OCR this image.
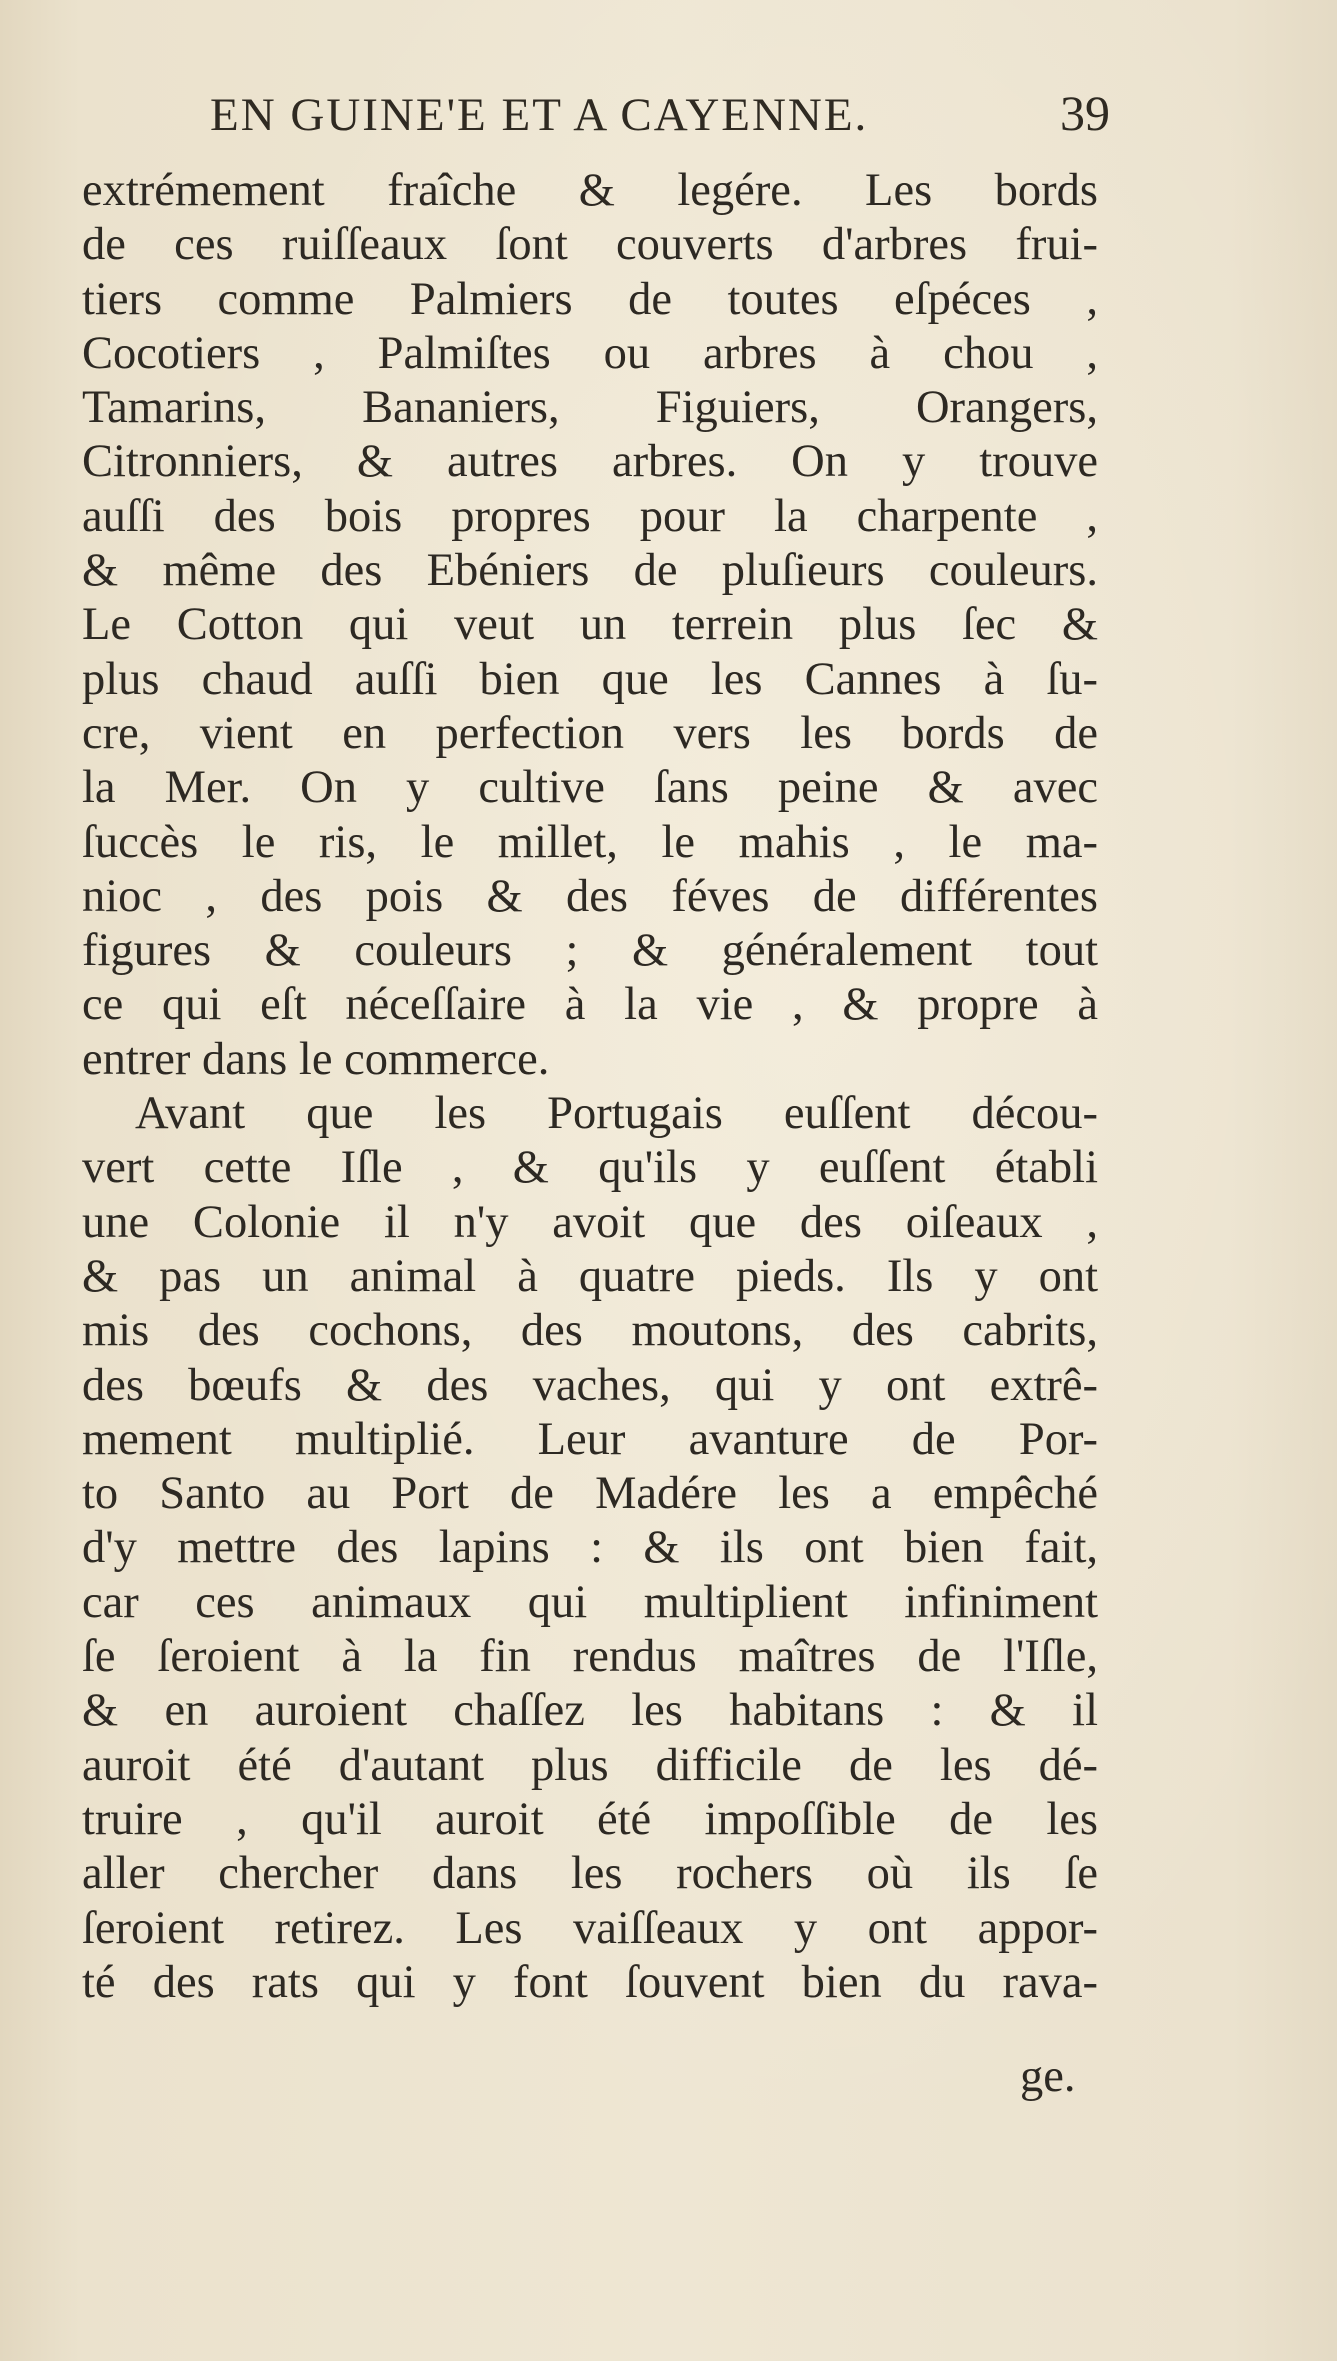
EN GUINE'E ET A CAYENNE.	39
extrémement fraîche & legére. Les bords
de ces ruiſſeaux ſont couverts d'arbres frui-
tiers comme Palmiers de toutes eſpéces ,
Cocotiers , Palmiſtes ou arbres à chou ,
Tamarins, Bananiers, Figuiers, Orangers,
Citronniers, & autres arbres. On y trouve
auſſi des bois propres pour la charpente ,
& même des Ebéniers de pluſieurs couleurs.
Le Cotton qui veut un terrein plus ſec &
plus chaud auſſi bien que les Cannes à ſu-
cre, vient en perfection vers les bords de
la Mer. On y cultive ſans peine & avec
ſuccès le ris, le millet, le mahis , le ma-
nioc , des pois & des féves de différentes
figures & couleurs ; & généralement tout
ce qui eſt néceſſaire à la vie , & propre à
entrer dans le commerce.
Avant que les Portugais euſſent décou-
vert cette Iſle , & qu'ils y euſſent établi
une Colonie il n'y avoit que des oiſeaux ,
& pas un animal à quatre pieds. Ils y ont
mis des cochons, des moutons, des cabrits,
des bœufs & des vaches, qui y ont extrê-
mement multiplié. Leur avanture de Por-
to Santo au Port de Madére les a empêché
d'y mettre des lapins : & ils ont bien fait,
car ces animaux qui multiplient infiniment
ſe ſeroient à la fin rendus maîtres de l'Iſle,
& en auroient chaſſez les habitans : & il
auroit été d'autant plus difficile de les dé-
truire , qu'il auroit été impoſſible de les
aller chercher dans les rochers où ils ſe
ſeroient retirez. Les vaiſſeaux y ont appor-
té des rats qui y font ſouvent bien du rava-
ge.
